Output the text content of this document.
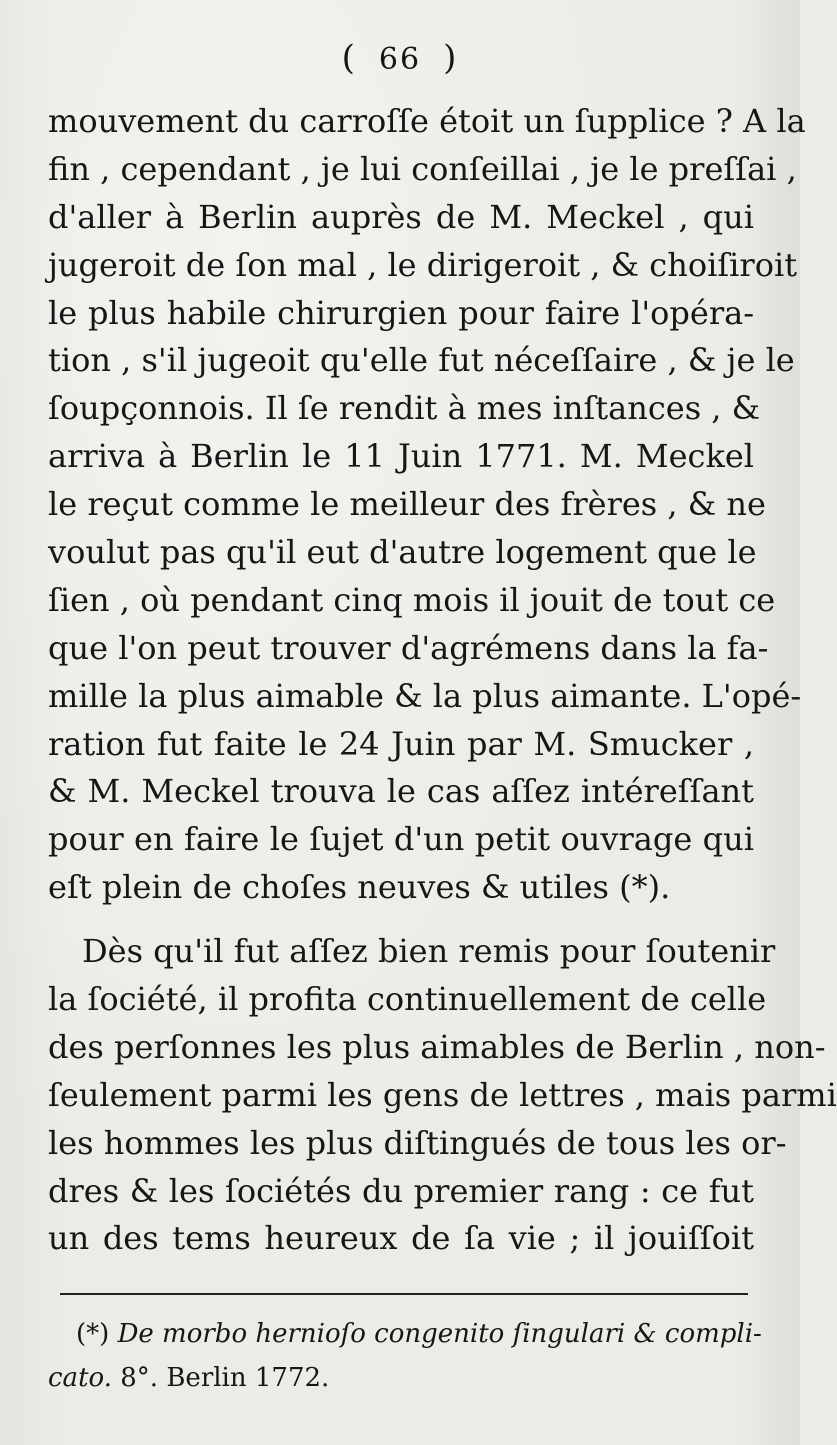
( 66 )
mouvement du carroſſe étoit un ſupplice ? A la
fin , cependant , je lui conſeillai , je le preſſai ,
d'aller à Berlin auprès de M. Meckel , qui
jugeroit de ſon mal , le dirigeroit , & choiſiroit
le plus habile chirurgien pour faire l'opéra-
tion , s'il jugeoit qu'elle fut néceſſaire , & je le
ſoupçonnois. Il ſe rendit à mes inſtances , &
arriva à Berlin le 11 Juin 1771. M. Meckel
le reçut comme le meilleur des frères , & ne
voulut pas qu'il eut d'autre logement que le
ſien , où pendant cinq mois il jouit de tout ce
que l'on peut trouver d'agrémens dans la fa-
mille la plus aimable & la plus aimante. L'opé-
ration fut faite le 24 Juin par M. Smucker ,
& M. Meckel trouva le cas aſſez intéreſſant
pour en faire le ſujet d'un petit ouvrage qui
eſt plein de choſes neuves & utiles (*).
Dès qu'il fut aſſez bien remis pour ſoutenir
la ſociété, il profita continuellement de celle
des perſonnes les plus aimables de Berlin , non-
ſeulement parmi les gens de lettres , mais parmi
les hommes les plus diſtingués de tous les or-
dres & les ſociétés du premier rang : ce fut
un des tems heureux de ſa vie ; il jouiſſoit
(*) De morbo hernioſo congenito ſingulari & compli-
cato. 8°. Berlin 1772.
